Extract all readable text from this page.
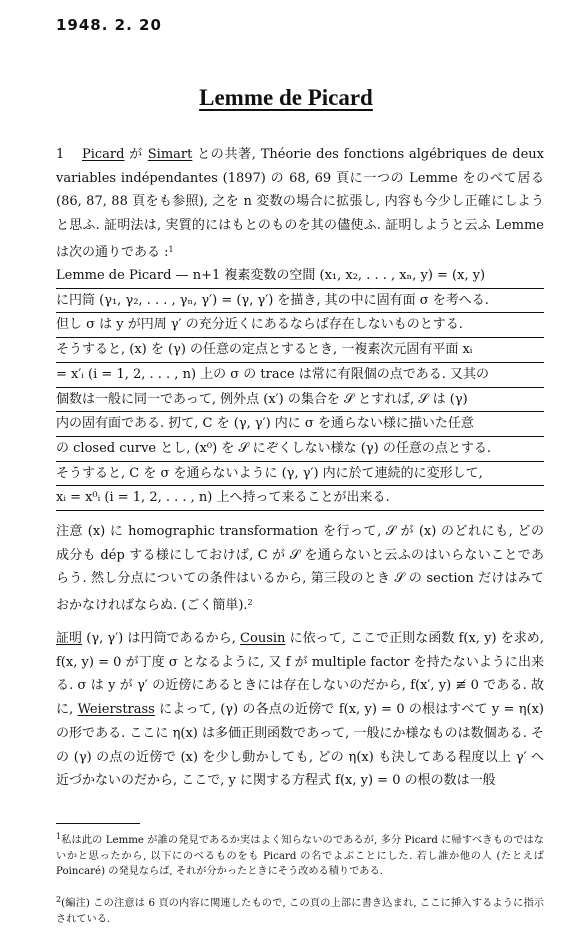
1948. 2. 20
Lemme de Picard
1 Picard が Simart との共著, Théorie des fonctions algébriques de deux variables indépendantes (1897) の 68, 69 頁に一つの Lemme をのべて居る (86, 87, 88 頁をも参照), 之を n 変数の場合に拡張し, 内容も今少し正確にしようと思ふ. 証明法は, 実質的にはもとのものを其の儘使ふ. 証明しようと云ふ Lemme は次の通りである :$^1$
Lemme de Picard — n+1 複素変数の空間 (x₁, x₂, . . . , xₙ, y) = (x, y)
に円筒 (γ₁, γ₂, . . . , γₙ, γ′) = (γ, γ′) を描き, 其の中に固有面 σ を考へる.
但し σ は y が円周 γ′ の充分近くにあるならば存在しないものとする.
そうすると, (x) を (γ) の任意の定点とするとき, 一複素次元固有平面 xᵢ
= x′ᵢ (i = 1, 2, . . . , n) 上の σ の trace は常に有限個の点である. 又其の
個数は一般に同一であって, 例外点 (x′) の集合を 𝒮 とすれば, 𝒮 は (γ)
内の固有面である. 扨て, C を (γ, γ′) 内に σ を通らない様に描いた任意
の closed curve とし, (x⁰) を 𝒮 にぞくしない様な (γ) の任意の点とする.
そうすると, C を σ を通らないように (γ, γ′) 内に於て連続的に変形して,
xᵢ = x⁰ᵢ (i = 1, 2, . . . , n) 上へ持って来ることが出来る.
注意 (x) に homographic transformation を行って, 𝒮 が (x) のどれにも, どの成分も dép する様にしておけば, C が 𝒮 を通らないと云ふのはいらないことであらう. 然し分点についての条件はいるから, 第三段のとき 𝒮 の section だけはみておかなければならぬ. (ごく簡単).$^2$
証明 (γ, γ′) は円筒であるから, Cousin に依って, ここで正則な函数 f(x, y) を求め, f(x, y) = 0 が丁度 σ となるように, 又 f が multiple factor を持たないように出来る. σ は y が γ′ の近傍にあるときには存在しないのだから, f(x′, y) ≢ 0 である. 故に, Weierstrass によって, (γ) の各点の近傍で f(x, y) = 0 の根はすべて y = η(x) の形である. ここに η(x) は多価正則函数であって, 一般にか様なものは数個ある. その (γ) の点の近傍で (x) を少し動かしても, どの η(x) も決してある程度以上 γ′ へ近づかないのだから, ここで, y に関する方程式 f(x, y) = 0 の根の数は一般
$^1$私は此の Lemme が誰の発見であるか実はよく知らないのであるが, 多分 Picard に帰すべきものではないかと思ったから, 以下にのべるものをも Picard の名でよぶことにした. 若し誰か他の人 (たとえば Poincaré) の発見ならば, それが分かったときにそう改める積りである.
$^2$(編注) この注意は 6 頁の内容に関連したもので, この頁の上部に書き込まれ, ここに挿入するように指示されている.
